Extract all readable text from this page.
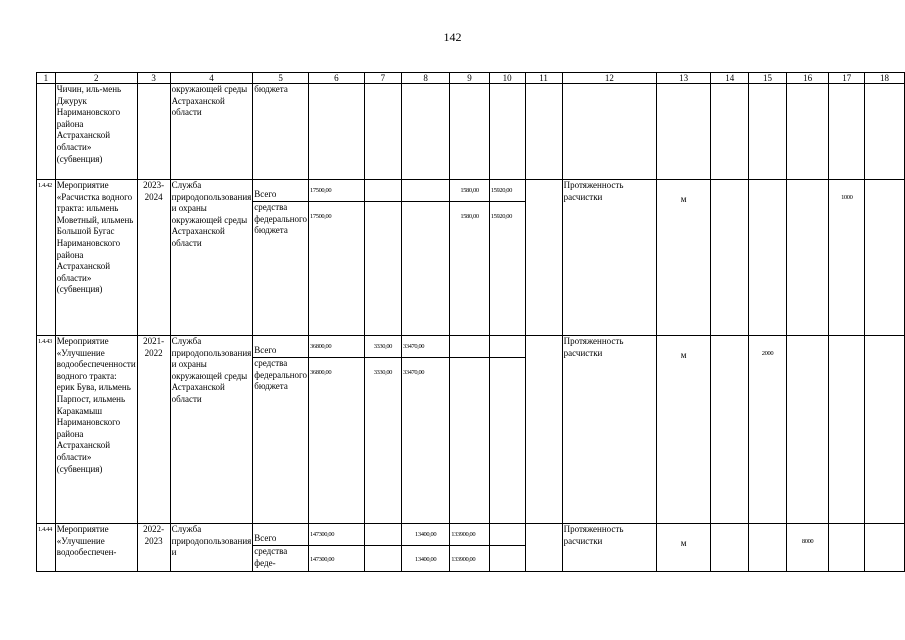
142
1	2	3	4	5	6	7	8	9	10	11	12	13	14	15	16	17	18
	Чичин, иль-мень Джурук Наримановского района Астраханской области» (субвенция)		окружающей среды Астраханской области	бюджета													
1.4.42	Мероприятие «Расчистка водного тракта: ильмень Моветный, ильмень Большой Бугас Наримановского района Астраханской области» (субвенция)	2023-2024	Служба природопользования и охраны окружающей среды Астраханской области	Всего	17500,00			1580,00	15920,00		Протяженность расчистки	м				1000	
				средства федерального бюджета	17500,00			1580,00	15920,00								
1.4.43	Мероприятие «Улучшение водообеспеченности водного тракта: ерик Бува, ильмень Парпост, ильмень Каракамыш Наримановского района Астраханской области» (субвенция)	2021-2022	Служба природопользования и охраны окружающей среды Астраханской области	Всего	36800,00	3330,00	33470,00				Протяженность расчистки	м		2000			
				средства федерального бюджета	36800,00	3330,00	33470,00										
1.4.44	Мероприятие «Улучшение водообеспечен-	2022-2023	Служба природопользования и	Всего	147300,00		13400,00	133900,00			Протяженность расчистки	м			8000		
				средства феде-	147300,00		13400,00	133900,00									
